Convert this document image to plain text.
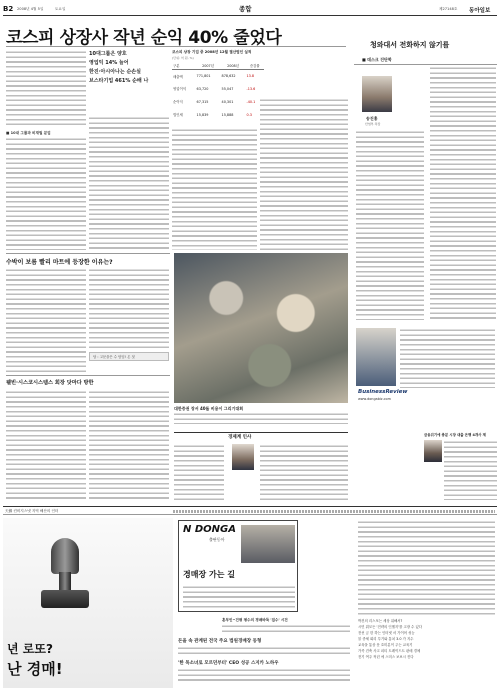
B2 2008년 4월 5일	토요일	종합	제27148호 동아일보
코스피 상장사 작년 순익 40% 줄었다
■ 10대 그룹과 비재벌 분업
10대그룹은 양호
영업익 14% 늘어
한진·아시아나는 순손실
브스타기업 461% 순배 나
코스피 상장 기업 중 2008년 12월 결산법인 실적
(단위: 억 원, %)
구분	2007년	2008년	증감률
매출액	771,801	878,632	13.8
영업이익	63,720	55,047	-13.6
순이익	67,315	40,301	-40.1
법인세	15,839	15,888	0.3
청와대서 전화하지 않기를
■ 데스크 진단학
송진홍
산업부 차장
수박이 보름 빨리 마트에 등장한 이유는?
담 : 고문을은 수 탐딤! 온 첫
웰빈·시스코시스템스 회장 닷마다 방한
대한증권 장서 40돌 비용이 그리기대회
경제계 인사
BusinessReview
www.dongabiz.com
금융위기에 충분 시장 대출 은행 4개사 제
天錫 컨비지스넷 지역 해산의 인터
년 로또?
난 경매!
N DONGA
출판동아
경매장 가는 길
혼부인~건평 평수의 경매바둑 '집수' 시건
돈을 속 관계된 전국 주요 법원경매장 동형
'한 목소녀로 모르던부터' CEO 성공 스지카 노하우
박건의 리스포는 세상 위해서?
시민 뭐모든 '전략의 인젤지'를 고장 수 있다
전선 금 한 하는 인터넷 서 가이어 성능
블 종체 회리 투기와 통치 3.0 가 지수
교육을 통상 문 흐미분이 주는 교육기
가족 건축 사고 피티 트레이드트 판매 경체
전기 여주 작년 에 스미스 보보시 진다
